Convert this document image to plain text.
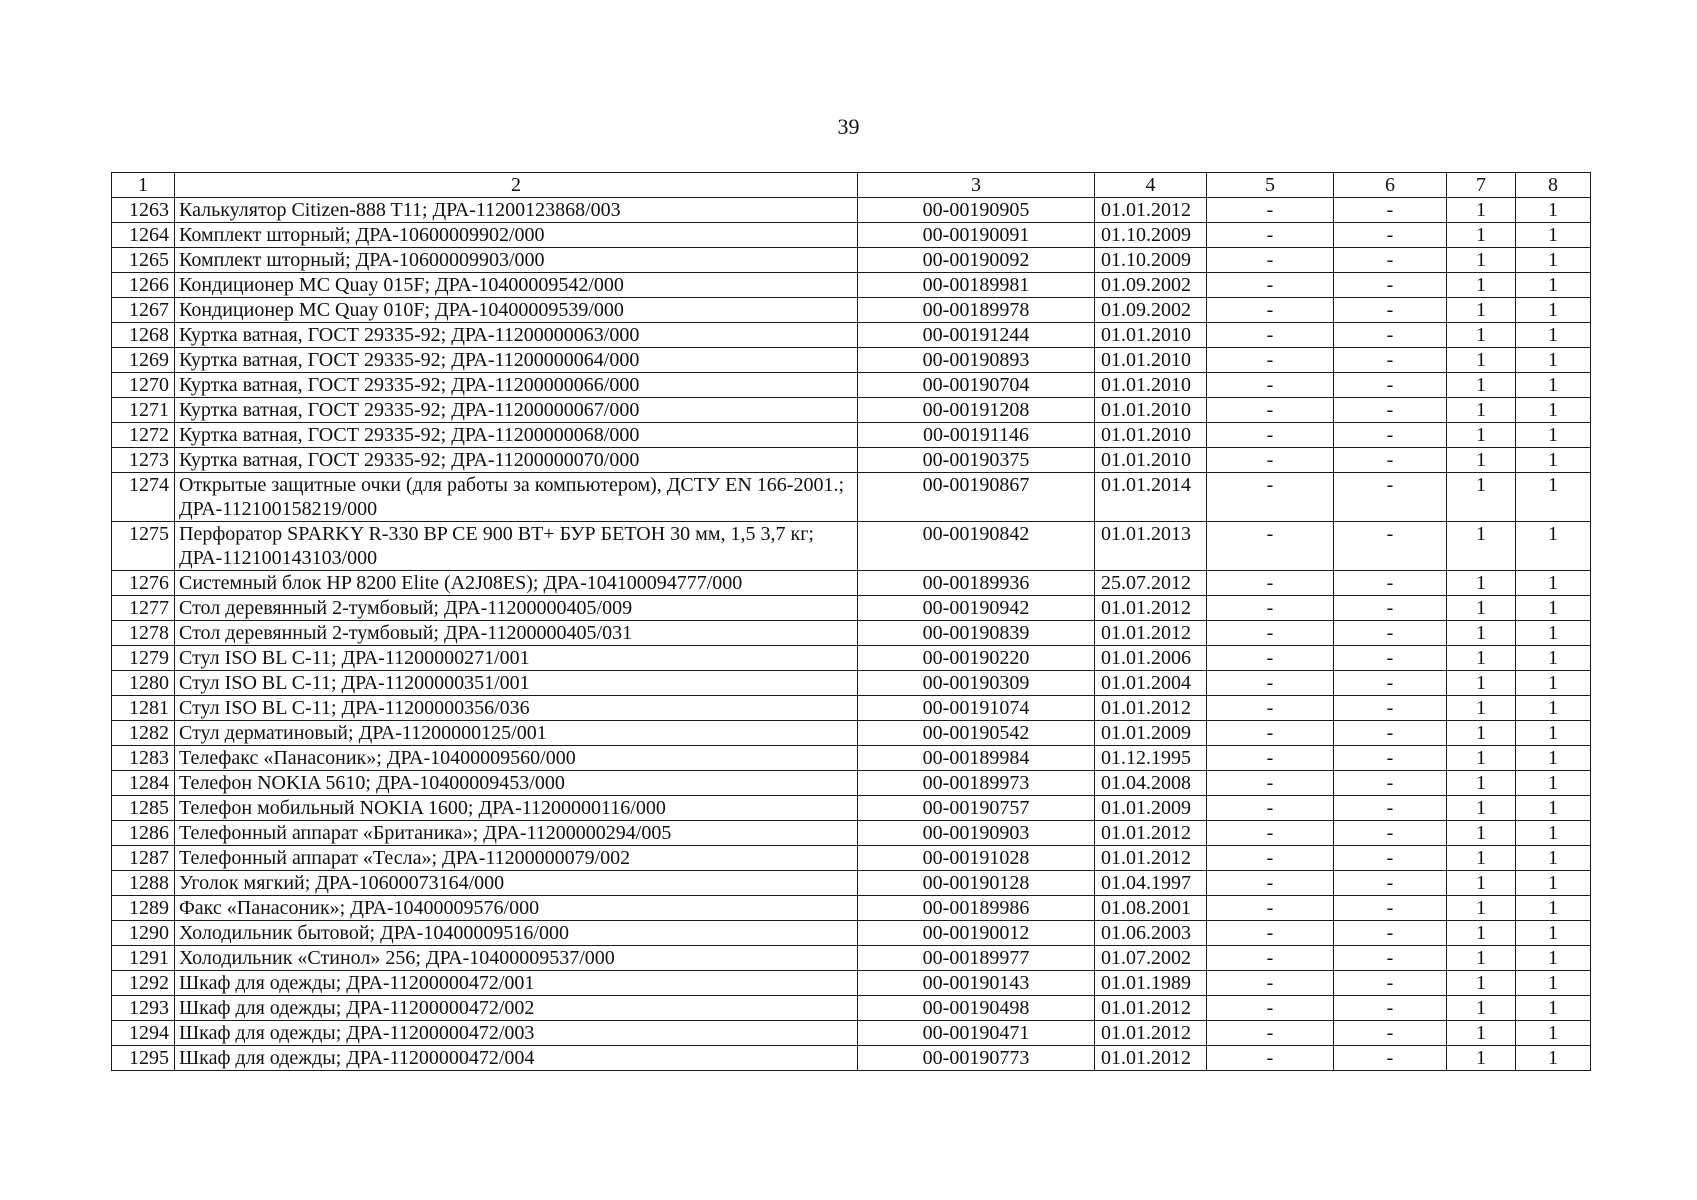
39
1	2	3	4	5	6	7	8
1263	Калькулятор Citizen-888 T11; ДРА-11200123868/003	00-00190905	01.01.2012	-	-	1	1
1264	Комплект шторный; ДРА-10600009902/000	00-00190091	01.10.2009	-	-	1	1
1265	Комплект шторный; ДРА-10600009903/000	00-00190092	01.10.2009	-	-	1	1
1266	Кондиционер MC Quay 015F; ДРА-10400009542/000	00-00189981	01.09.2002	-	-	1	1
1267	Кондиционер MC Quay 010F; ДРА-10400009539/000	00-00189978	01.09.2002	-	-	1	1
1268	Куртка ватная, ГОСТ 29335-92; ДРА-11200000063/000	00-00191244	01.01.2010	-	-	1	1
1269	Куртка ватная, ГОСТ 29335-92; ДРА-11200000064/000	00-00190893	01.01.2010	-	-	1	1
1270	Куртка ватная, ГОСТ 29335-92; ДРА-11200000066/000	00-00190704	01.01.2010	-	-	1	1
1271	Куртка ватная, ГОСТ 29335-92; ДРА-11200000067/000	00-00191208	01.01.2010	-	-	1	1
1272	Куртка ватная, ГОСТ 29335-92; ДРА-11200000068/000	00-00191146	01.01.2010	-	-	1	1
1273	Куртка ватная, ГОСТ 29335-92; ДРА-11200000070/000	00-00190375	01.01.2010	-	-	1	1
1274	Открытые защитные очки (для работы за компьютером), ДСТУ EN 166-2001.; ДРА-112100158219/000	00-00190867	01.01.2014	-	-	1	1
1275	Перфоратор SPARKY R-330 BP CE 900 BT+ БУР БЕТОН 30 мм, 1,5 3,7 кг; ДРА-112100143103/000	00-00190842	01.01.2013	-	-	1	1
1276	Системный блок HP 8200 Elite (A2J08ES); ДРА-104100094777/000	00-00189936	25.07.2012	-	-	1	1
1277	Стол деревянный 2-тумбовый; ДРА-11200000405/009	00-00190942	01.01.2012	-	-	1	1
1278	Стол деревянный 2-тумбовый; ДРА-11200000405/031	00-00190839	01.01.2012	-	-	1	1
1279	Стул ISO BL C-11; ДРА-11200000271/001	00-00190220	01.01.2006	-	-	1	1
1280	Стул ISO BL C-11; ДРА-11200000351/001	00-00190309	01.01.2004	-	-	1	1
1281	Стул ISO BL C-11; ДРА-11200000356/036	00-00191074	01.01.2012	-	-	1	1
1282	Стул дерматиновый; ДРА-11200000125/001	00-00190542	01.01.2009	-	-	1	1
1283	Телефакс «Панасоник»; ДРА-10400009560/000	00-00189984	01.12.1995	-	-	1	1
1284	Телефон NOKIA 5610; ДРА-10400009453/000	00-00189973	01.04.2008	-	-	1	1
1285	Телефон мобильный NOKIA 1600; ДРА-11200000116/000	00-00190757	01.01.2009	-	-	1	1
1286	Телефонный аппарат «Британика»; ДРА-11200000294/005	00-00190903	01.01.2012	-	-	1	1
1287	Телефонный аппарат «Тесла»; ДРА-11200000079/002	00-00191028	01.01.2012	-	-	1	1
1288	Уголок мягкий; ДРА-10600073164/000	00-00190128	01.04.1997	-	-	1	1
1289	Факс «Панасоник»; ДРА-10400009576/000	00-00189986	01.08.2001	-	-	1	1
1290	Холодильник бытовой; ДРА-10400009516/000	00-00190012	01.06.2003	-	-	1	1
1291	Холодильник «Стинол» 256; ДРА-10400009537/000	00-00189977	01.07.2002	-	-	1	1
1292	Шкаф для одежды; ДРА-11200000472/001	00-00190143	01.01.1989	-	-	1	1
1293	Шкаф для одежды; ДРА-11200000472/002	00-00190498	01.01.2012	-	-	1	1
1294	Шкаф для одежды; ДРА-11200000472/003	00-00190471	01.01.2012	-	-	1	1
1295	Шкаф для одежды; ДРА-11200000472/004	00-00190773	01.01.2012	-	-	1	1
